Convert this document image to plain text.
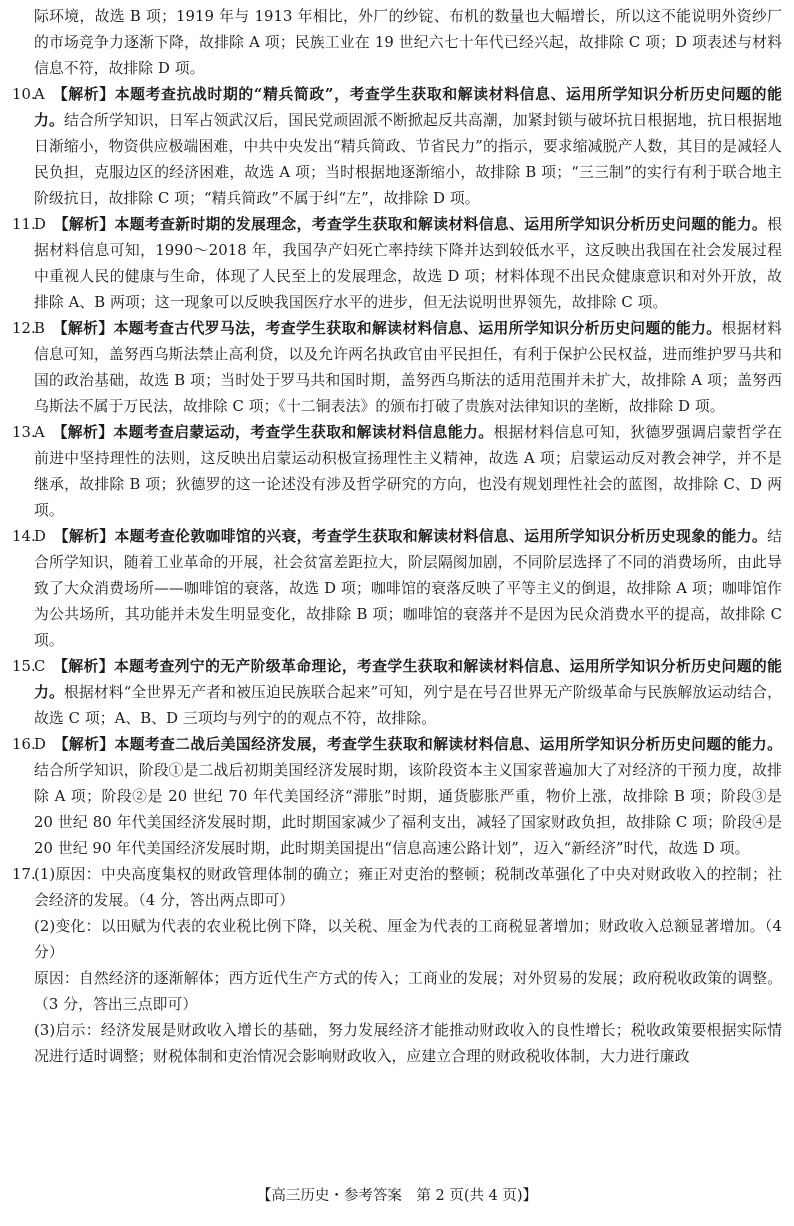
际环境，故选 B 项；1919 年与 1913 年相比，外厂的纱锭、布机的数量也大幅增长，所以这不能说明外资纱厂的市场竞争力逐渐下降，故排除 A 项；民族工业在 19 世纪六七十年代已经兴起，故排除 C 项；D 项表述与材料信息不符，故排除 D 项。

10.
A  【解析】本题考查抗战时期的“精兵简政”，考查学生获取和解读材料信息、运用所学知识分析历史问题的能力。结合所学知识，日军占领武汉后，国民党顽固派不断掀起反共高潮，加紧封锁与破坏抗日根据地，抗日根据地日渐缩小，物资供应极端困难，中共中央发出“精兵简政、节省民力”的指示，要求缩减脱产人数，其目的是减轻人民负担，克服边区的经济困难，故选 A 项；当时根据地逐渐缩小，故排除 B 项；“三三制”的实行有利于联合地主阶级抗日，故排除 C 项；“精兵简政”不属于纠“左”，故排除 D 项。
11.
D  【解析】本题考查新时期的发展理念，考查学生获取和解读材料信息、运用所学知识分析历史问题的能力。根据材料信息可知，1990～2018 年，我国孕产妇死亡率持续下降并达到较低水平，这反映出我国在社会发展过程中重视人民的健康与生命，体现了人民至上的发展理念，故选 D 项；材料体现不出民众健康意识和对外开放，故排除 A、B 两项；这一现象可以反映我国医疗水平的进步，但无法说明世界领先，故排除 C 项。
12.
B  【解析】本题考查古代罗马法，考查学生获取和解读材料信息、运用所学知识分析历史问题的能力。根据材料信息可知，盖努西乌斯法禁止高利贷，以及允许两名执政官由平民担任，有利于保护公民权益，进而维护罗马共和国的政治基础，故选 B 项；当时处于罗马共和国时期，盖努西乌斯法的适用范围并未扩大，故排除 A 项；盖努西乌斯法不属于万民法，故排除 C 项；《十二铜表法》的颁布打破了贵族对法律知识的垄断，故排除 D 项。
13.
A  【解析】本题考查启蒙运动，考查学生获取和解读材料信息能力。根据材料信息可知，狄德罗强调启蒙哲学在前进中坚持理性的法则，这反映出启蒙运动积极宣扬理性主义精神，故选 A 项；启蒙运动反对教会神学，并不是继承，故排除 B 项；狄德罗的这一论述没有涉及哲学研究的方向，也没有规划理性社会的蓝图，故排除 C、D 两项。
14.
D  【解析】本题考查伦敦咖啡馆的兴衰，考查学生获取和解读材料信息、运用所学知识分析历史现象的能力。结合所学知识，随着工业革命的开展，社会贫富差距拉大，阶层隔阂加剧，不同阶层选择了不同的消费场所，由此导致了大众消费场所——咖啡馆的衰落，故选 D 项；咖啡馆的衰落反映了平等主义的倒退，故排除 A 项；咖啡馆作为公共场所，其功能并未发生明显变化，故排除 B 项；咖啡馆的衰落并不是因为民众消费水平的提高，故排除 C 项。
15.
C  【解析】本题考查列宁的无产阶级革命理论，考查学生获取和解读材料信息、运用所学知识分析历史问题的能力。根据材料“全世界无产者和被压迫民族联合起来”可知，列宁是在号召世界无产阶级革命与民族解放运动结合，故选 C 项；A、B、D 三项均与列宁的的观点不符，故排除。
16.
D  【解析】本题考查二战后美国经济发展，考查学生获取和解读材料信息、运用所学知识分析历史问题的能力。结合所学知识，阶段①是二战后初期美国经济发展时期，该阶段资本主义国家普遍加大了对经济的干预力度，故排除 A 项；阶段②是 20 世纪 70 年代美国经济“滞胀”时期，通货膨胀严重，物价上涨，故排除 B 项；阶段③是 20 世纪 80 年代美国经济发展时期，此时期国家减少了福利支出，减轻了国家财政负担，故排除 C 项；阶段④是 20 世纪 90 年代美国经济发展时期，此时期美国提出“信息高速公路计划”，迈入“新经济”时代，故选 D 项。
17.
(1)原因：中央高度集权的财政管理体制的确立；雍正对吏治的整顿；税制改革强化了中央对财政收入的控制；社会经济的发展。（4 分，答出两点即可）
(2)变化：以田赋为代表的农业税比例下降，以关税、厘金为代表的工商税显著增加；财政收入总额显著增加。（4 分）
原因：自然经济的逐渐解体；西方近代生产方式的传入；工商业的发展；对外贸易的发展；政府税收政策的调整。（3 分，答出三点即可）
(3)启示：经济发展是财政收入增长的基础，努力发展经济才能推动财政收入的良性增长；税收政策要根据实际情况进行适时调整；财税体制和吏治情况会影响财政收入，应建立合理的财政税收体制，大力进行廉政
【高三历史・参考答案　第 2 页(共 4 页)】
